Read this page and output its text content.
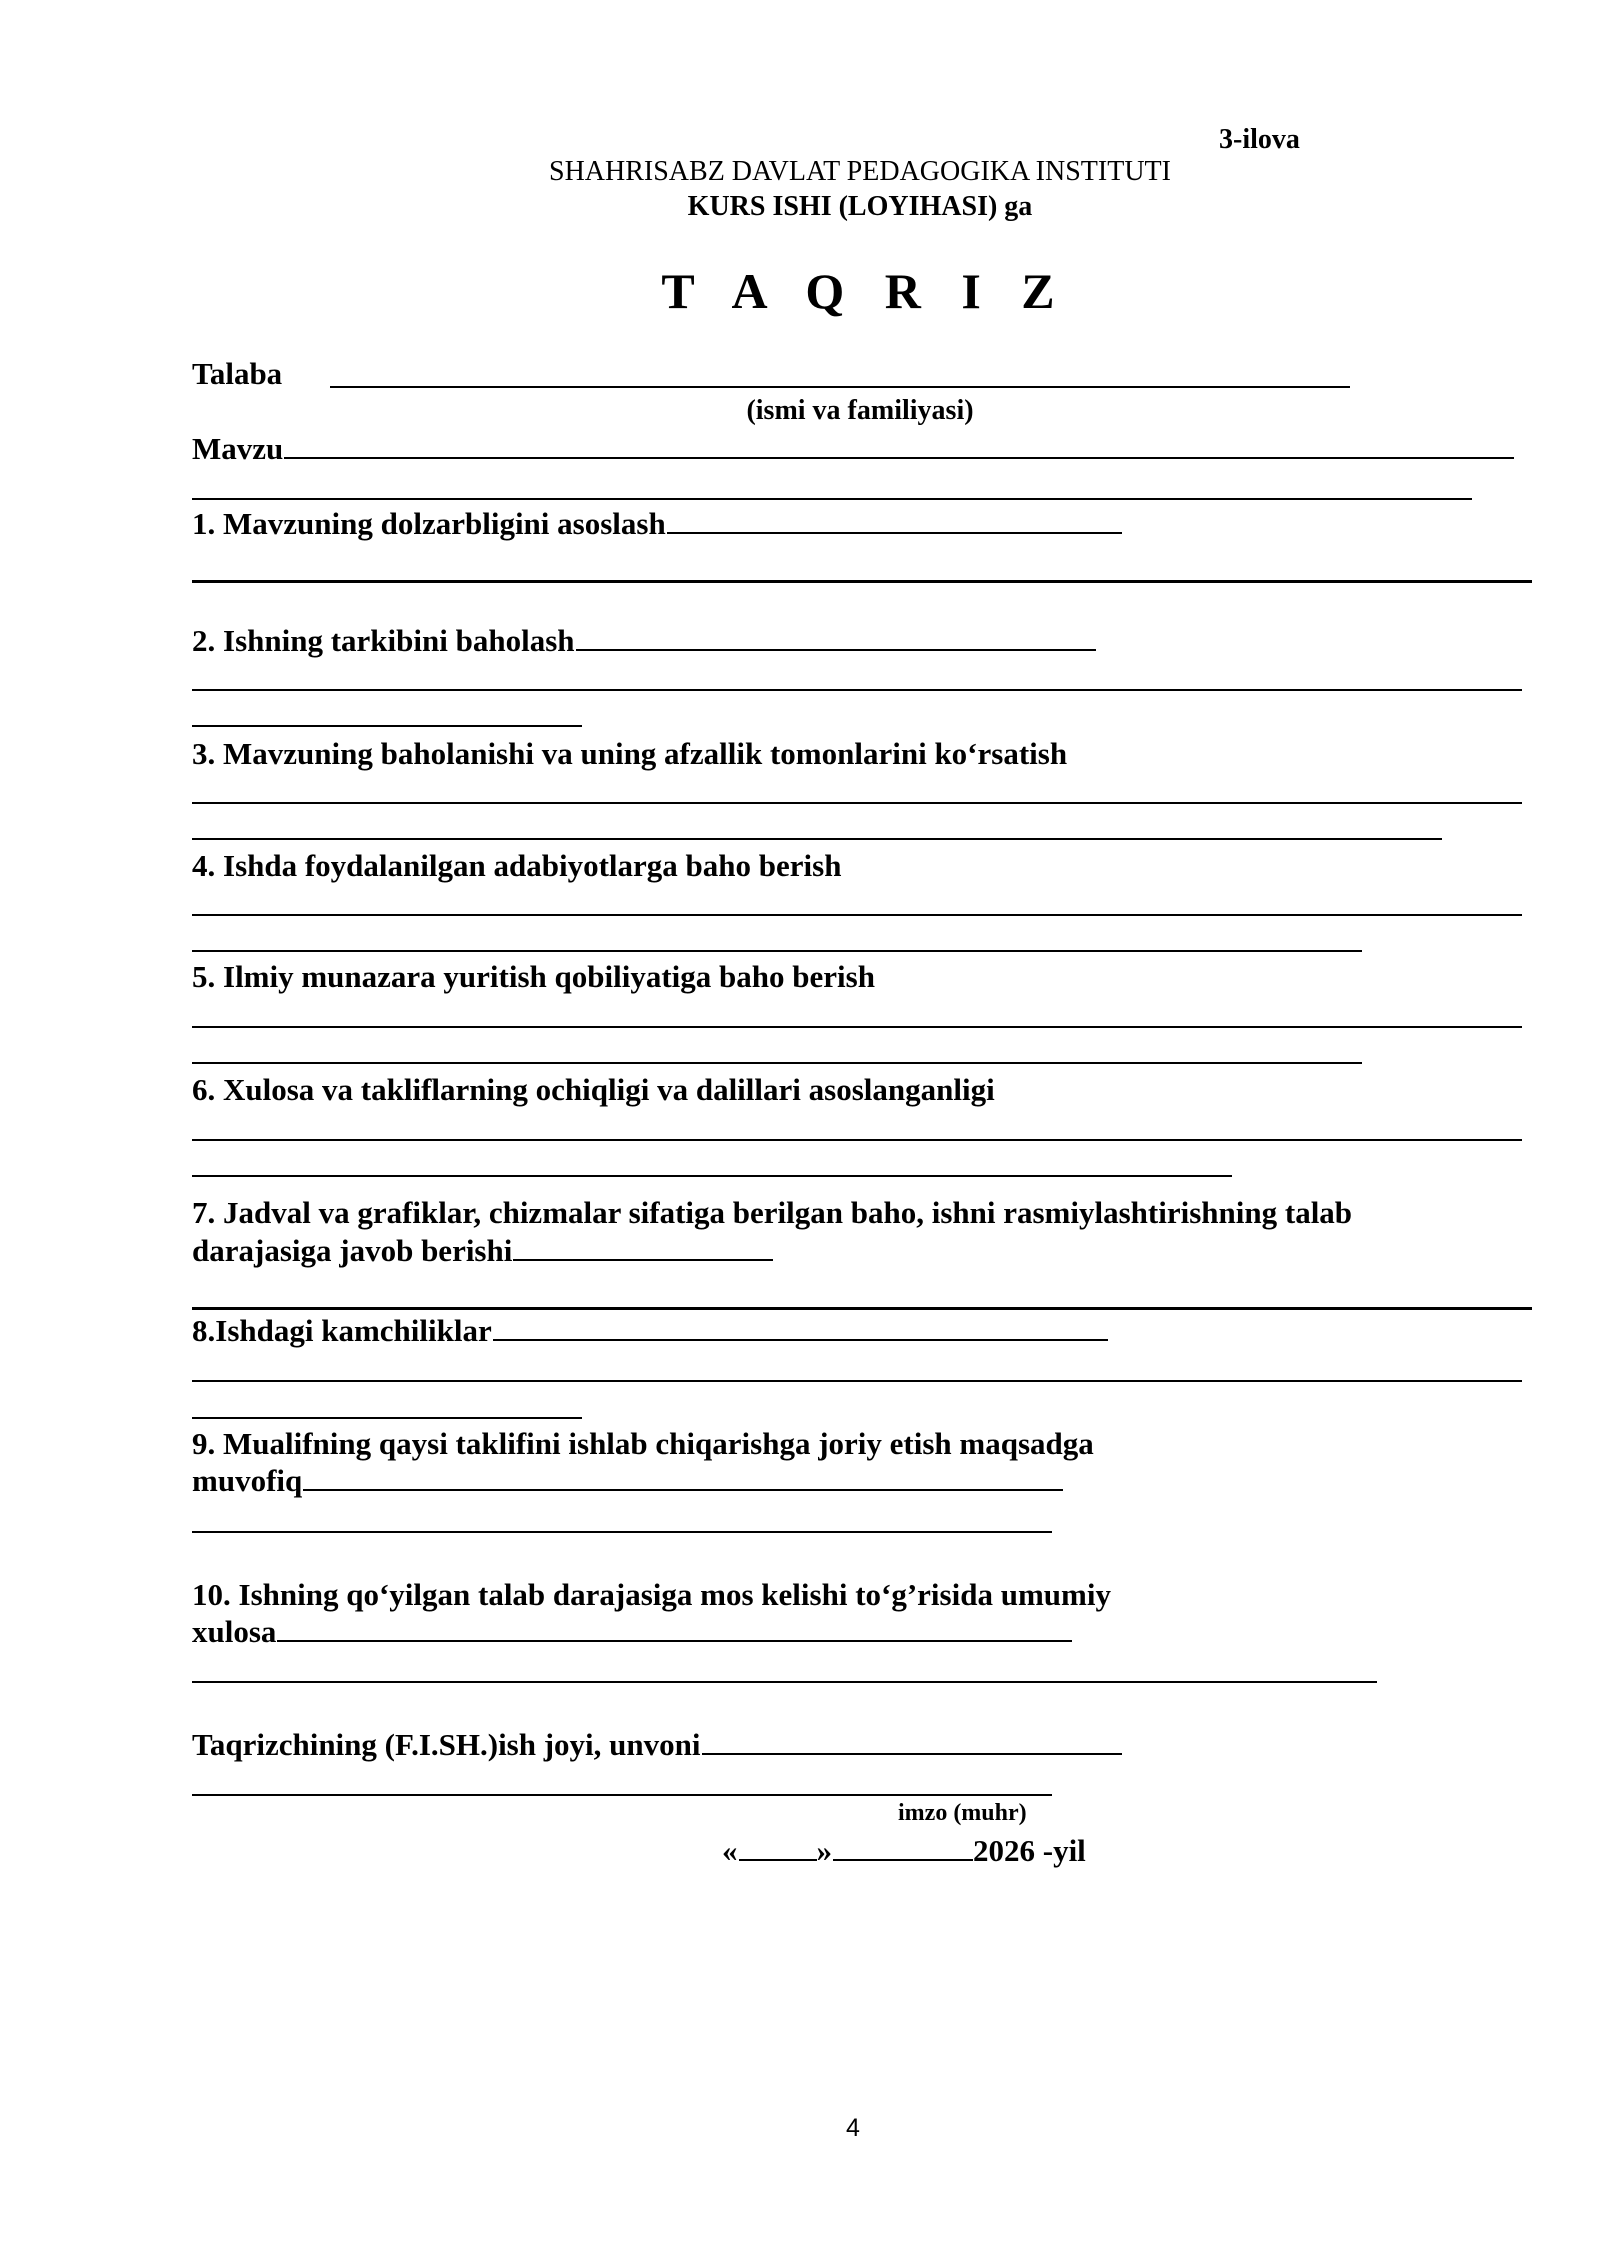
3-ilova
SHAHRISABZ DAVLAT PEDAGOGIKA INSTITUTI
KURS ISHI (LOYIHASI) ga
T A Q R I Z
Talaba
(ismi va familiyasi)
Mavzu
1. Mavzuning dolzarbligini asoslash
2. Ishning tarkibini baholash
3. Mavzuning baholanishi va uning afzallik tomonlarini ko‘rsatish
4. Ishda foydalanilgan adabiyotlarga baho berish
5. Ilmiy munazara yuritish qobiliyatiga baho berish
6. Xulosa va takliflarning ochiqligi va dalillari asoslanganligi
7. Jadval va grafiklar, chizmalar sifatiga berilgan baho, ishni rasmiylashtirishning talab
darajasiga javob berishi
8.Ishdagi kamchiliklar
9. Mualifning qaysi taklifini ishlab chiqarishga joriy etish maqsadga
muvofiq
10. Ishning qo‘yilgan talab darajasiga mos kelishi to‘g’risida umumiy
xulosa
Taqrizchining (F.I.SH.)ish joyi, unvoni
imzo (muhr)
«	»	2026 -yil
4
